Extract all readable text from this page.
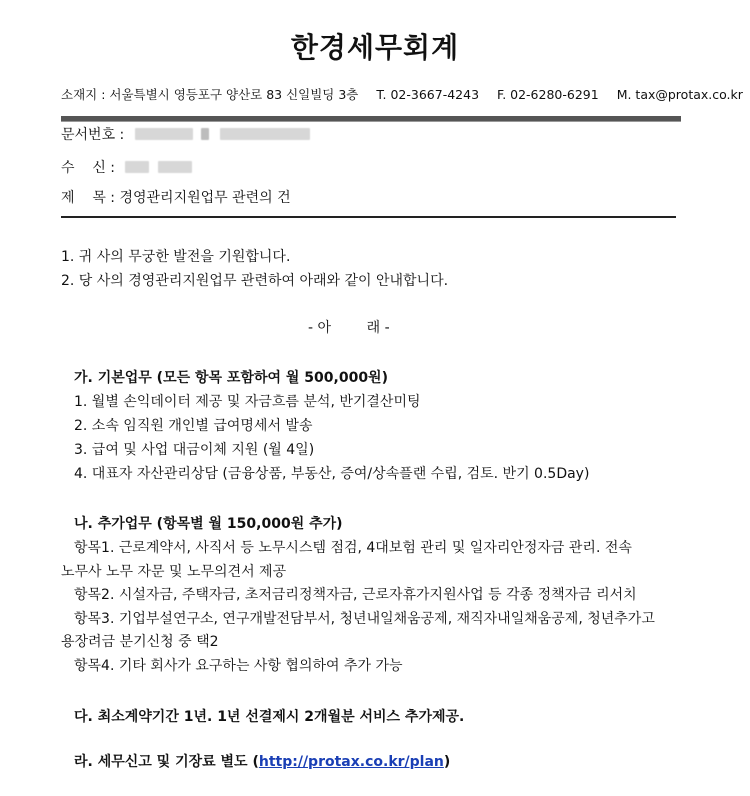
한경세무회계
소재지 : 서울특별시 영등포구 양산로 83 신일빌딩 3층 T. 02-3667-4243 F. 02-6280-6291 M. tax@protax.co.kr
문서번호 :
수    신 :
제    목 : 경영관리지원업무 관련의 건
1. 귀 사의 무궁한 발전을 기원합니다.
2. 당 사의 경영관리지원업무 관련하여 아래와 같이 안내합니다.
- 아        래 -
가. 기본업무 (모든 항목 포함하여 월 500,000원)
1. 월별 손익데이터 제공 및 자금흐름 분석, 반기결산미팅
2. 소속 임직원 개인별 급여명세서 발송
3. 급여 및 사업 대금이체 지원 (월 4일)
4. 대표자 자산관리상담 (금융상품, 부동산, 증여/상속플랜 수립, 검토. 반기 0.5Day)
나. 추가업무 (항목별 월 150,000원 추가)
항목1. 근로계약서, 사직서 등 노무시스템 점검, 4대보험 관리 및 일자리안정자금 관리. 전속
노무사 노무 자문 및 노무의견서 제공
항목2. 시설자금, 주택자금, 초저금리정책자금, 근로자휴가지원사업 등 각종 정책자금 리서치
항목3. 기업부설연구소, 연구개발전담부서, 청년내일채움공제, 재직자내일채움공제, 청년추가고
용장려금 분기신청 중 택2
항목4. 기타 회사가 요구하는 사항 협의하여 추가 가능
다. 최소계약기간 1년. 1년 선결제시 2개월분 서비스 추가제공.
라. 세무신고 및 기장료 별도 (http://protax.co.kr/plan)
